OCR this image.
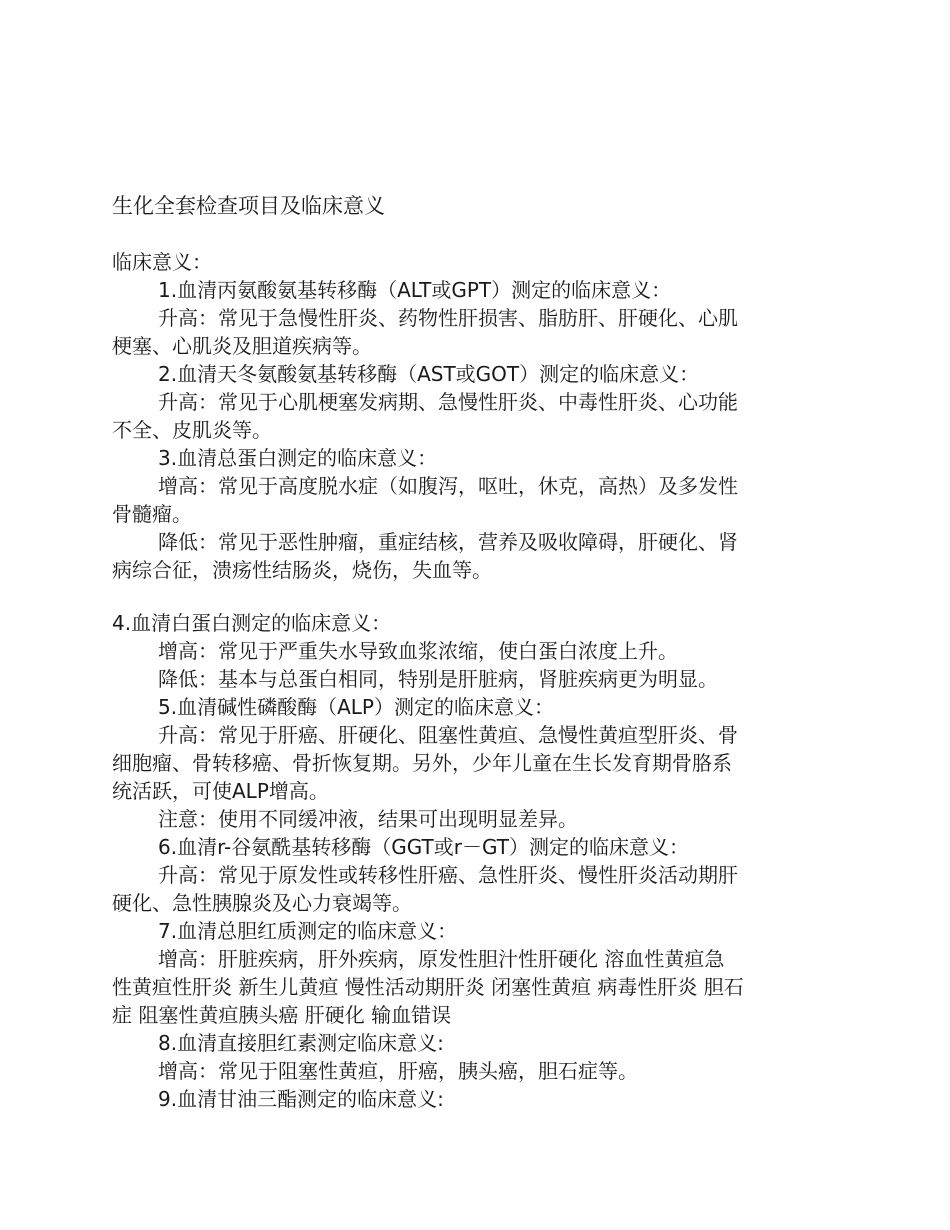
生化全套检查项目及临床意义

临床意义：

1.血清丙氨酸氨基转移酶（ALT或GPT）测定的临床意义：

升高：常见于急慢性肝炎、药物性肝损害、脂肪肝、肝硬化、心肌

梗塞、心肌炎及胆道疾病等。

2.血清天冬氨酸氨基转移酶（AST或GOT）测定的临床意义：

升高：常见于心肌梗塞发病期、急慢性肝炎、中毒性肝炎、心功能

不全、皮肌炎等。

3.血清总蛋白测定的临床意义：

增高：常见于高度脱水症（如腹泻，呕吐，休克，高热）及多发性

骨髓瘤。

降低：常见于恶性肿瘤，重症结核，营养及吸收障碍，肝硬化、肾

病综合征，溃疡性结肠炎，烧伤，失血等。

4.血清白蛋白测定的临床意义：

增高：常见于严重失水导致血浆浓缩，使白蛋白浓度上升。

降低：基本与总蛋白相同，特别是肝脏病，肾脏疾病更为明显。

5.血清碱性磷酸酶（ALP）测定的临床意义：

升高：常见于肝癌、肝硬化、阻塞性黄疸、急慢性黄疸型肝炎、骨

细胞瘤、骨转移癌、骨折恢复期。另外，少年儿童在生长发育期骨胳系

统活跃，可使ALP增高。

注意：使用不同缓冲液，结果可出现明显差异。

6.血清r-谷氨酰基转移酶（GGT或r－GT）测定的临床意义：

升高：常见于原发性或转移性肝癌、急性肝炎、慢性肝炎活动期肝

硬化、急性胰腺炎及心力衰竭等。

7.血清总胆红质测定的临床意义：

增高：肝脏疾病，肝外疾病，原发性胆汁性肝硬化 溶血性黄疸急

性黄疸性肝炎 新生儿黄疸 慢性活动期肝炎 闭塞性黄疸 病毒性肝炎 胆石

症 阻塞性黄疸胰头癌 肝硬化 输血错误

8.血清直接胆红素测定临床意义:

增高：常见于阻塞性黄疸，肝癌，胰头癌，胆石症等。

9.血清甘油三酯测定的临床意义:
